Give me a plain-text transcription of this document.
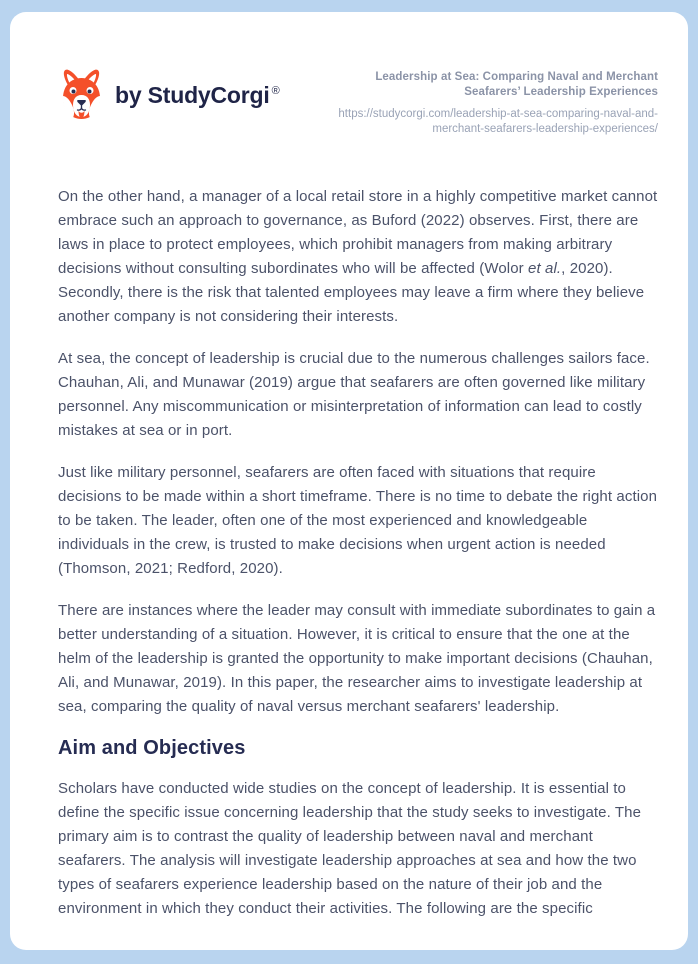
by StudyCorgi ®
Leadership at Sea: Comparing Naval and Merchant Seafarers’ Leadership Experiences
https://studycorgi.com/leadership-at-sea-comparing-naval-and-merchant-seafarers-leadership-experiences/

On the other hand, a manager of a local retail store in a highly competitive market cannot embrace such an approach to governance, as Buford (2022) observes. First, there are laws in place to protect employees, which prohibit managers from making arbitrary decisions without consulting subordinates who will be affected (Wolor et al., 2020). Secondly, there is the risk that talented employees may leave a firm where they believe another company is not considering their interests.

At sea, the concept of leadership is crucial due to the numerous challenges sailors face. Chauhan, Ali, and Munawar (2019) argue that seafarers are often governed like military personnel. Any miscommunication or misinterpretation of information can lead to costly mistakes at sea or in port.

Just like military personnel, seafarers are often faced with situations that require decisions to be made within a short timeframe. There is no time to debate the right action to be taken. The leader, often one of the most experienced and knowledgeable individuals in the crew, is trusted to make decisions when urgent action is needed (Thomson, 2021; Redford, 2020).

There are instances where the leader may consult with immediate subordinates to gain a better understanding of a situation. However, it is critical to ensure that the one at the helm of the leadership is granted the opportunity to make important decisions (Chauhan, Ali, and Munawar, 2019). In this paper, the researcher aims to investigate leadership at sea, comparing the quality of naval versus merchant seafarers' leadership.

Aim and Objectives

Scholars have conducted wide studies on the concept of leadership. It is essential to define the specific issue concerning leadership that the study seeks to investigate. The primary aim is to contrast the quality of leadership between naval and merchant seafarers. The analysis will investigate leadership approaches at sea and how the two types of seafarers experience leadership based on the nature of their job and the environment in which they conduct their activities. The following are the specific
